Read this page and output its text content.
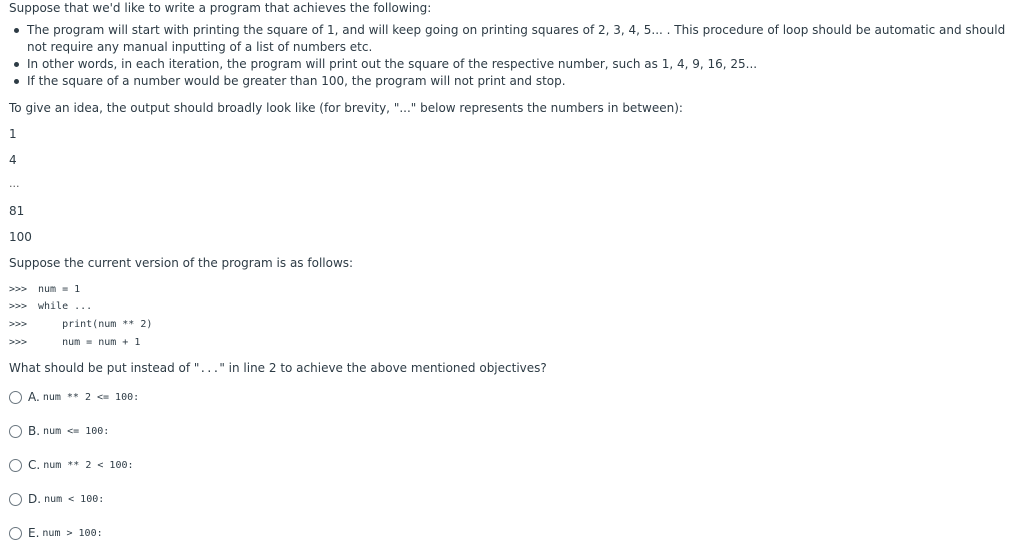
Suppose that we'd like to write a program that achieves the following:

The program will start with printing the square of 1, and will keep going on printing squares of 2, 3, 4, 5... . This procedure of loop should be automatic and should not require any manual inputting of a list of numbers etc.
In other words, in each iteration, the program will print out the square of the respective number, such as 1, 4, 9, 16, 25...
If the square of a number would be greater than 100, the program will not print and stop.
To give an idea, the output should broadly look like (for brevity, "..." below represents the numbers in between):
1
4
...
81
100
Suppose the current version of the program is as follows:
>>> num = 1
>>> while ...
>>>    print(num ** 2)
>>>    num = num + 1
What should be put instead of "..." in line 2 to achieve the above mentioned objectives?
A. num ** 2 <= 100:
B. num <= 100:
C. num ** 2 < 100:
D. num < 100:
E. num > 100:
